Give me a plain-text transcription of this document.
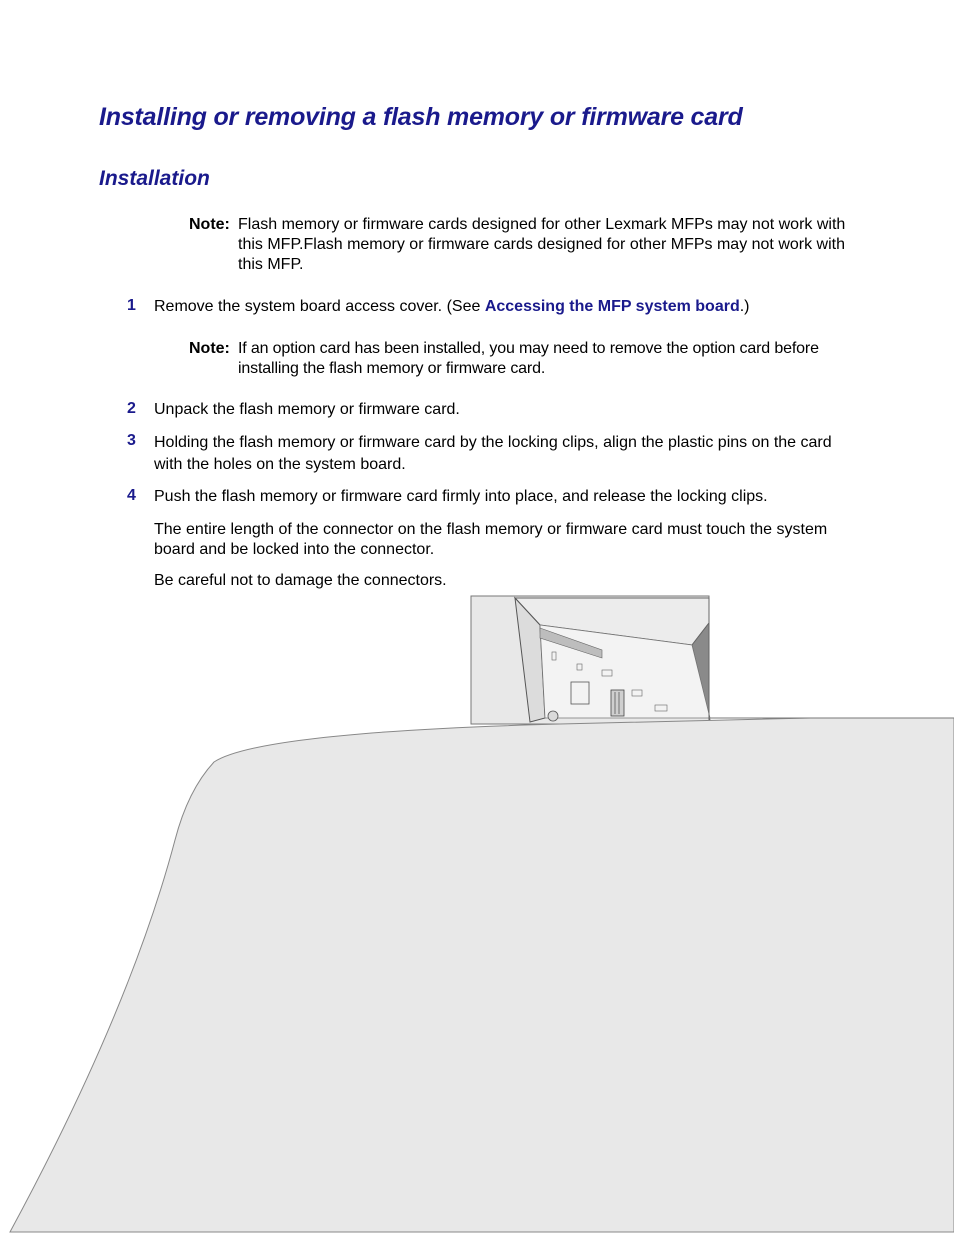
Installing or removing a flash memory or firmware card
Installation
Note: Flash memory or firmware cards designed for other Lexmark MFPs may not work with this MFP.Flash memory or firmware cards designed for other MFPs may not work with this MFP.
1 Remove the system board access cover. (See Accessing the MFP system board.)
Note: If an option card has been installed, you may need to remove the option card before installing the flash memory or firmware card.
2 Unpack the flash memory or firmware card.
3 Holding the flash memory or firmware card by the locking clips, align the plastic pins on the card with the holes on the system board.
4 Push the flash memory or firmware card firmly into place, and release the locking clips.
The entire length of the connector on the flash memory or firmware card must touch the system board and be locked into the connector.
Be careful not to damage the connectors.
